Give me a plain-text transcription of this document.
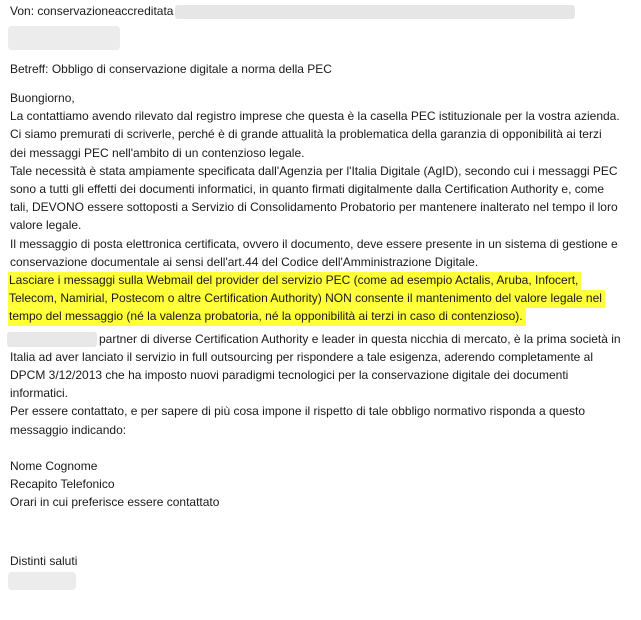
Von: conservazioneaccreditata
Betreff: Obbligo di conservazione digitale a norma della PEC

Buongiorno,

La contattiamo avendo rilevato dal registro imprese che questa è la casella PEC istituzionale per la vostra azienda.
Ci siamo premurati di scriverle, perché è di grande attualità la problematica della garanzia di opponibilità ai terzi
dei messaggi PEC nell'ambito di un contenzioso legale.

Tale necessità è stata ampiamente specificata dall'Agenzia per l'Italia Digitale (AgID), secondo cui i messaggi PEC
sono a tutti gli effetti dei documenti informatici, in quanto firmati digitalmente dalla Certification Authority e, come
tali, DEVONO essere sottoposti a Servizio di Consolidamento Probatorio per mantenere inalterato nel tempo il loro
valore legale.

Il messaggio di posta elettronica certificata, ovvero il documento, deve essere presente in un sistema di gestione e
conservazione documentale ai sensi dell'art.44 del Codice dell'Amministrazione Digitale.

Lasciare i messaggi sulla Webmail del provider del servizio PEC (come ad esempio Actalis, Aruba, Infocert,
Telecom, Namirial, Postecom o altre Certification Authority) NON consente il mantenimento del valore legale nel
tempo del messaggio (né la valenza probatoria, né la opponibilità ai terzi in caso di contenzioso).

partner di diverse Certification Authority e leader in questa nicchia di mercato, è la prima società in
Italia ad aver lanciato il servizio in full outsourcing per rispondere a tale esigenza, aderendo completamente al
DPCM 3/12/2013 che ha imposto nuovi paradigmi tecnologici per la conservazione digitale dei documenti
informatici.

Per essere contattato, e per sapere di più cosa impone il rispetto di tale obbligo normativo risponda a questo
messaggio indicando:

Nome Cognome
Recapito Telefonico
Orari in cui preferisce essere contattato

Distinti saluti
